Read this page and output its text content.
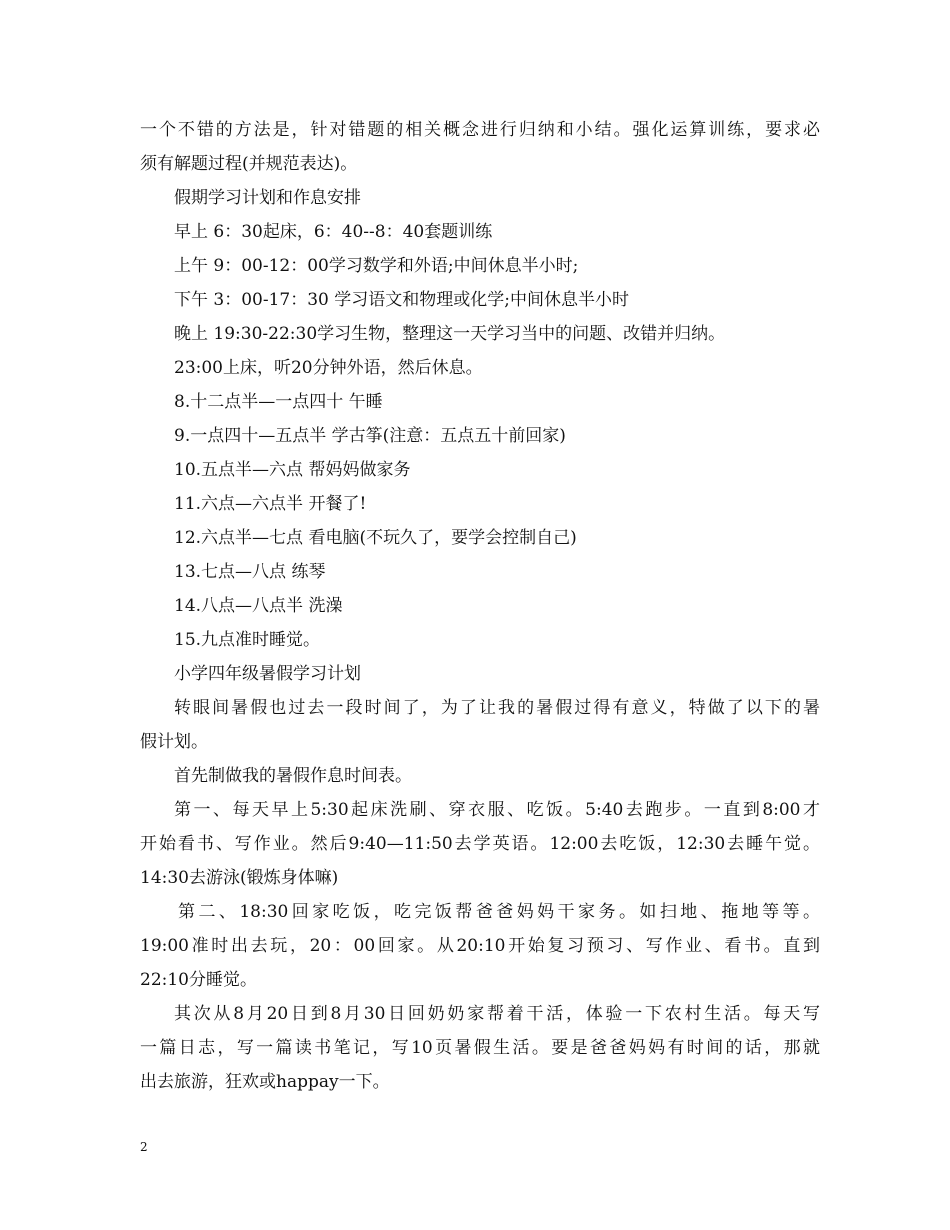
一个不错的方法是，针对错题的相关概念进行归纳和小结。强化运算训练，要求必
须有解题过程(并规范表达)。
假期学习计划和作息安排
早上 6：30起床，6：40--8：40套题训练
上午 9：00-12：00学习数学和外语;中间休息半小时;
下午 3：00-17：30 学习语文和物理或化学;中间休息半小时
晚上 19:30-22:30学习生物，整理这一天学习当中的问题、改错并归纳。
23:00上床，听20分钟外语，然后休息。
8.十二点半—一点四十 午睡
9.一点四十—五点半 学古筝(注意：五点五十前回家)
10.五点半—六点 帮妈妈做家务
11.六点—六点半 开餐了!
12.六点半—七点 看电脑(不玩久了，要学会控制自己)
13.七点—八点 练琴
14.八点—八点半 洗澡
15.九点准时睡觉。
小学四年级暑假学习计划
转眼间暑假也过去一段时间了，为了让我的暑假过得有意义，特做了以下的暑
假计划。
首先制做我的暑假作息时间表。
第一、每天早上5:30起床洗刷、穿衣服、吃饭。5:40去跑步。一直到8:00才
开始看书、写作业。然后9:40—11:50去学英语。12:00去吃饭，12:30去睡午觉。
14:30去游泳(锻炼身体嘛)
第二、18:30回家吃饭，吃完饭帮爸爸妈妈干家务。如扫地、拖地等等。
19:00准时出去玩，20：00回家。从20:10开始复习预习、写作业、看书。直到
22:10分睡觉。
其次从8月20日到8月30日回奶奶家帮着干活，体验一下农村生活。每天写
一篇日志，写一篇读书笔记，写10页暑假生活。要是爸爸妈妈有时间的话，那就
出去旅游，狂欢或happay一下。
2
